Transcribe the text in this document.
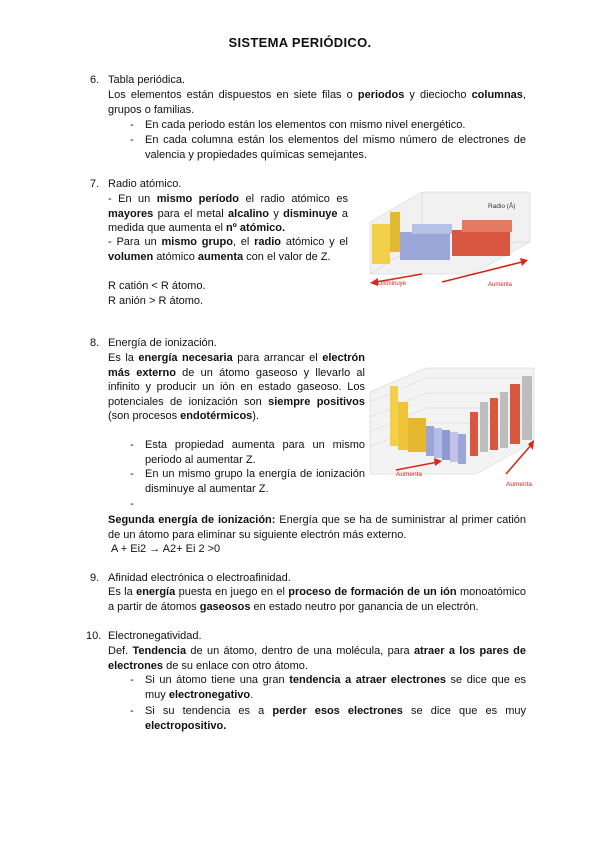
SISTEMA PERIÓDICO.
6. Tabla periódica.
Los elementos están dispuestos en siete filas o periodos y dieciocho columnas, grupos o familias.
- En cada periodo están los elementos con mismo nivel energético.
- En cada columna están los elementos del mismo número de electrones de valencia y propiedades químicas semejantes.
7. Radio atómico.
- En un mismo período el radio atómico es mayores para el metal alcalino y disminuye a medida que aumenta el nº atómico.
- Para un mismo grupo, el radio atómico y el volumen atómico aumenta con el valor de Z.
R catión < R átomo.
R anión > R átomo.
Radio (Å)
Disminuye	Aumenta
8. Energía de ionización.
Es la energía necesaria para arrancar el electrón más externo de un átomo gaseoso y llevarlo al infinito y producir un ión en estado gaseoso. Los potenciales de ionización son siempre positivos (son procesos endotérmicos).
- Esta propiedad aumenta para un mismo periodo al aumentar Z.
- En un mismo grupo la energía de ionización disminuye al aumentar Z.
-
Segunda energía de ionización: Energía que se ha de suministrar al primer catión de un átomo para eliminar su siguiente electrón más externo.
A + Ei2 → A2+ Ei 2 >0
Aumenta
Aumenta
9. Afinidad electrónica o electroafinidad.
Es la energía puesta en juego en el proceso de formación de un ión monoatómico a partir de átomos gaseosos en estado neutro por ganancia de un electrón.
10. Electronegatividad.
Def. Tendencia de un átomo, dentro de una molécula, para atraer a los pares de electrones de su enlace con otro átomo.
- Si un átomo tiene una gran tendencia a atraer electrones se dice que es muy electronegativo.
- Si su tendencia es a perder esos electrones se dice que es muy electropositivo.
